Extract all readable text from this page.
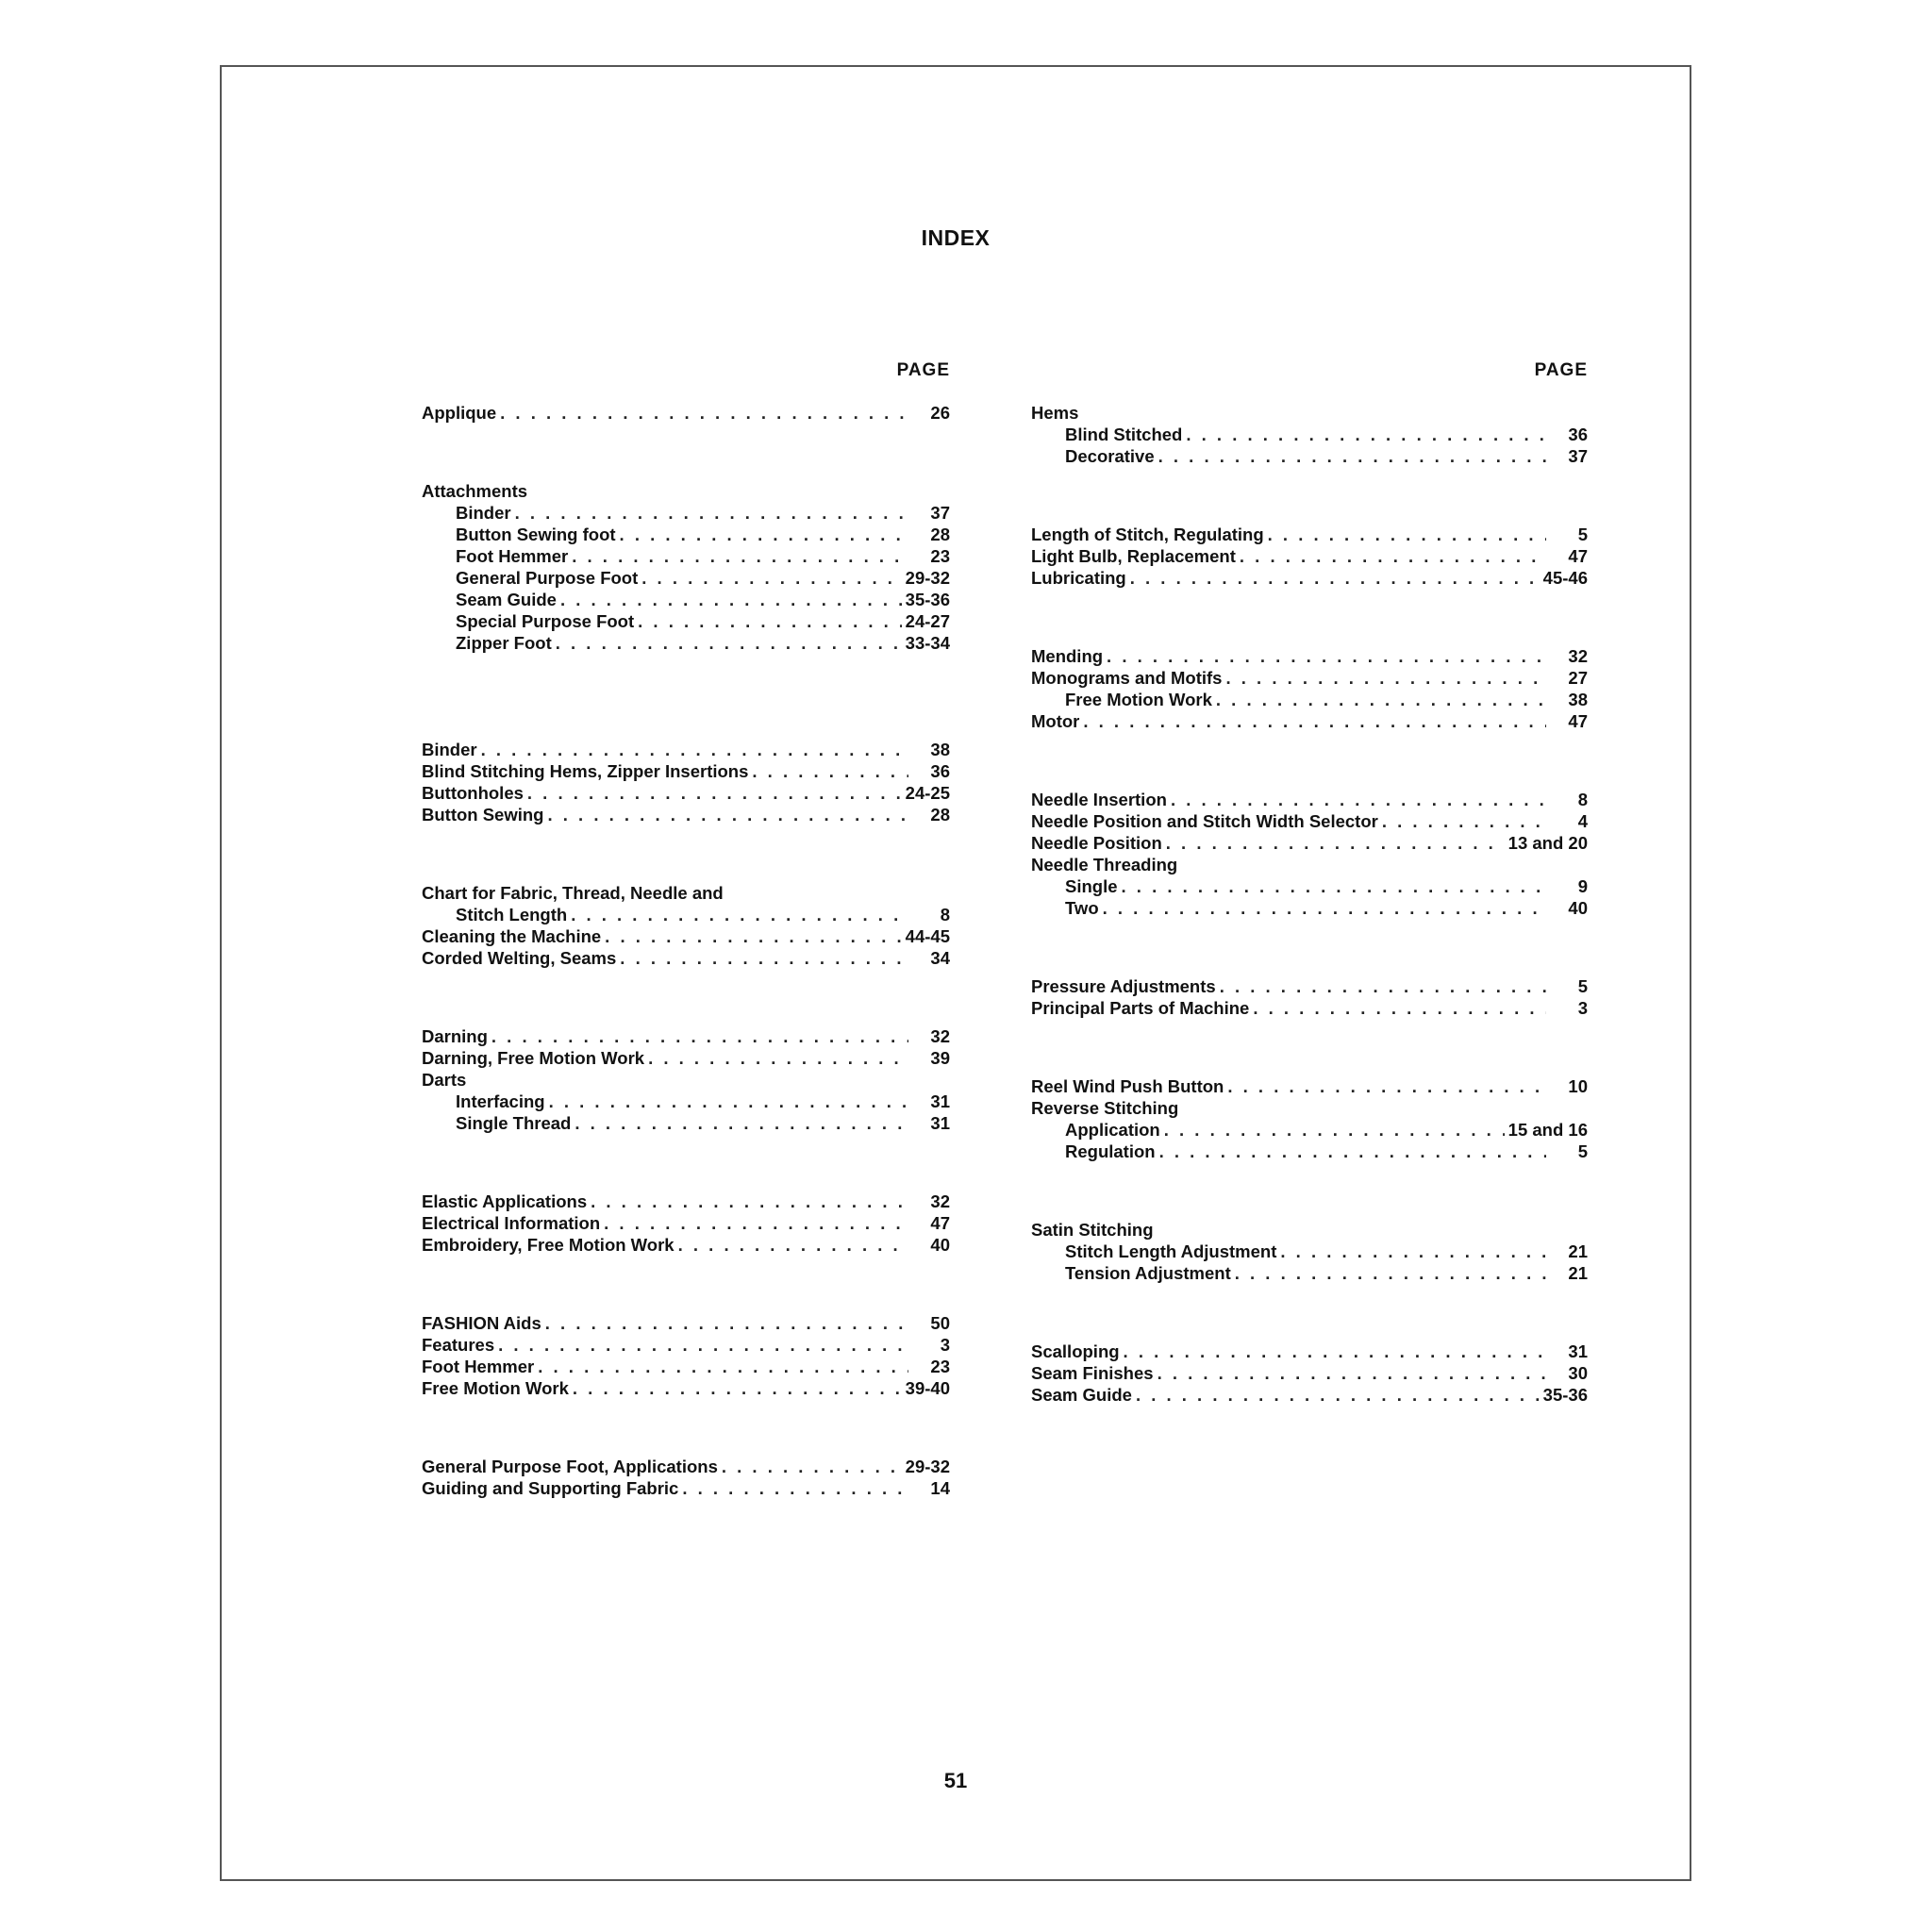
INDEX
PAGE
Applique . . .	26
Attachments
Binder . . .	37
Button Sewing foot . . .	28
Foot Hemmer . . .	23
General Purpose Foot . . .	29-32
Seam Guide . . .	35-36
Special Purpose Foot . . .	24-27
Zipper Foot . . .	33-34
Binder . . .	38
Blind Stitching Hems, Zipper Insertions . . .	36
Buttonholes . . .	24-25
Button Sewing . . .	28
Chart for Fabric, Thread, Needle and
Stitch Length . . .	8
Cleaning the Machine . . .	44-45
Corded Welting, Seams . . .	34
Darning . . .	32
Darning, Free Motion Work . . .	39
Darts
Interfacing . . .	31
Single Thread . . .	31
Elastic Applications . . .	32
Electrical Information . . .	47
Embroidery, Free Motion Work . . .	40
FASHION Aids . . .	50
Features . . .	3
Foot Hemmer . . .	23
Free Motion Work . . .	39-40
General Purpose Foot, Applications . . .	29-32
Guiding and Supporting Fabric . . .	14
PAGE
Hems
Blind Stitched . . .	36
Decorative . . .	37
Length of Stitch, Regulating . . .	5
Light Bulb, Replacement . . .	47
Lubricating . . .	45-46
Mending . . .	32
Monograms and Motifs . . .	27
Free Motion Work . . .	38
Motor . . .	47
Needle Insertion . . .	8
Needle Position and Stitch Width Selector . . .	4
Needle Position . . .	13 and 20
Needle Threading
Single . . .	9
Two . . .	40
Pressure Adjustments . . .	5
Principal Parts of Machine . . .	3
Reel Wind Push Button . . .	10
Reverse Stitching
Application . . .	15 and 16
Regulation . . .	5
Satin Stitching
Stitch Length Adjustment . . .	21
Tension Adjustment . . .	21
Scalloping . . .	31
Seam Finishes . . .	30
Seam Guide . . .	35-36
51
